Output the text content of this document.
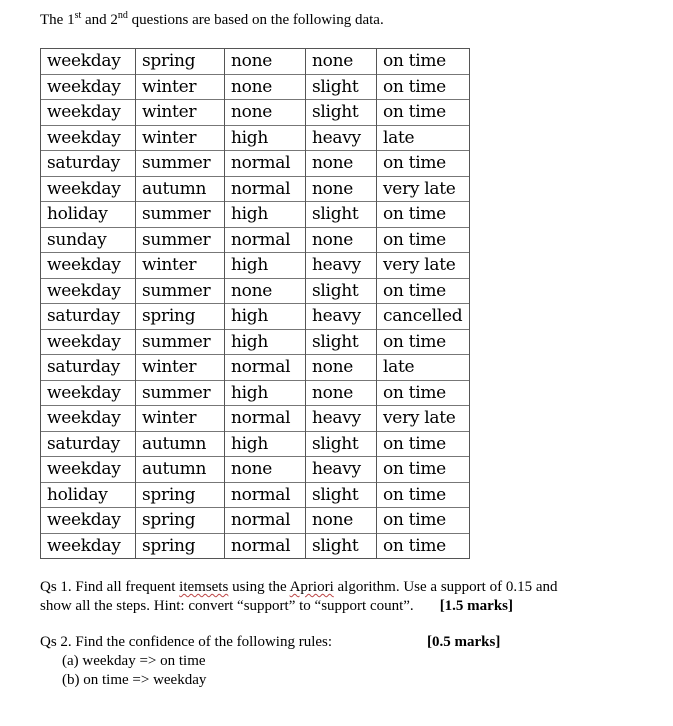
The 1st and 2nd questions are based on the following data.
weekday	spring	none	none	on time
weekday	winter	none	slight	on time
weekday	winter	none	slight	on time
weekday	winter	high	heavy	late
saturday	summer	normal	none	on time
weekday	autumn	normal	none	very late
holiday	summer	high	slight	on time
sunday	summer	normal	none	on time
weekday	winter	high	heavy	very late
weekday	summer	none	slight	on time
saturday	spring	high	heavy	cancelled
weekday	summer	high	slight	on time
saturday	winter	normal	none	late
weekday	summer	high	none	on time
weekday	winter	normal	heavy	very late
saturday	autumn	high	slight	on time
weekday	autumn	none	heavy	on time
holiday	spring	normal	slight	on time
weekday	spring	normal	none	on time
weekday	spring	normal	slight	on time
Qs 1. Find all frequent itemsets using the Apriori algorithm. Use a support of 0.15 and
show all the steps. Hint: convert “support” to “support count”. [1.5 marks]
Qs 2. Find the confidence of the following rules:	[0.5 marks]
(a) weekday => on time
(b) on time => weekday
